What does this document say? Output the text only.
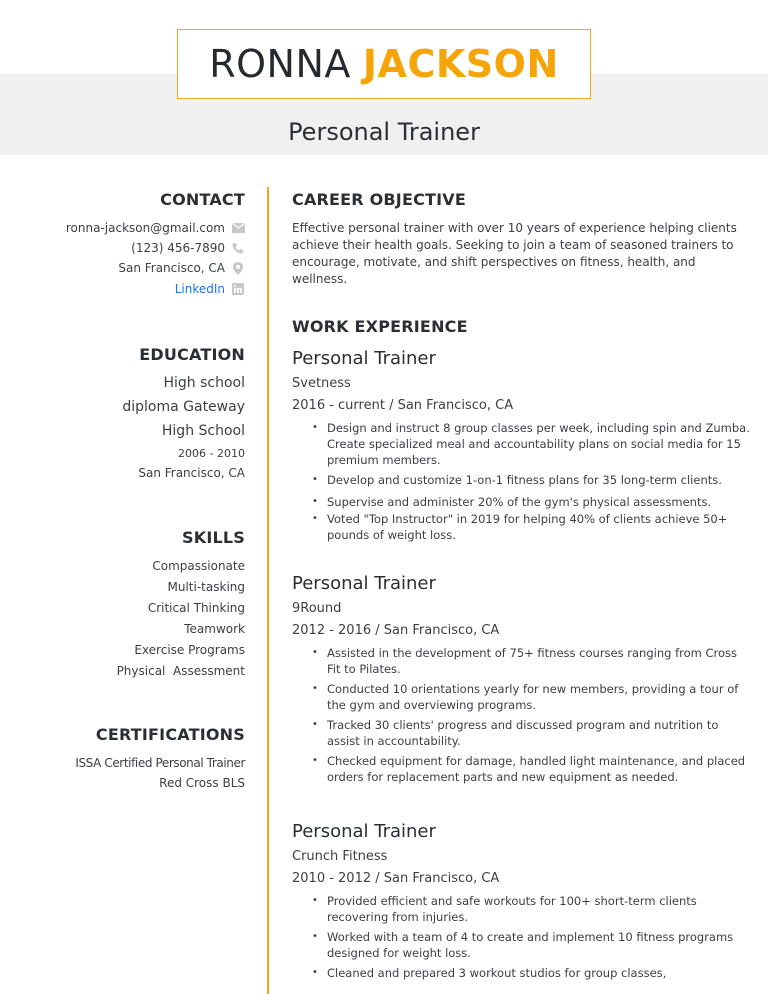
RONNA JACKSON
Personal Trainer
CONTACT
ronna-jackson@gmail.com
(123) 456-7890
San Francisco, CA
LinkedIn
EDUCATION
High school
diploma Gateway
High School
2006 - 2010
San Francisco, CA
SKILLS
Compassionate
Multi-tasking
Critical Thinking
Teamwork
Exercise Programs
Physical  Assessment
CERTIFICATIONS
ISSA Certified Personal Trainer
Red Cross BLS
CAREER OBJECTIVE
Effective personal trainer with over 10 years of experience helping clients achieve their health goals. Seeking to join a team of seasoned trainers to encourage, motivate, and shift perspectives on fitness, health, and wellness.
WORK EXPERIENCE
Personal Trainer
Svetness
2016 - current / San Francisco, CA
• Design and instruct 8 group classes per week, including spin and Zumba. Create specialized meal and accountability plans on social media for 15 premium members.
• Develop and customize 1-on-1 fitness plans for 35 long-term clients.
• Supervise and administer 20% of the gym's physical assessments.
• Voted "Top Instructor" in 2019 for helping 40% of clients achieve 50+ pounds of weight loss.
Personal Trainer
9Round
2012 - 2016 / San Francisco, CA
• Assisted in the development of 75+ fitness courses ranging from Cross Fit to Pilates.
• Conducted 10 orientations yearly for new members, providing a tour of the gym and overviewing programs.
• Tracked 30 clients' progress and discussed program and nutrition to assist in accountability.
• Checked equipment for damage, handled light maintenance, and placed orders for replacement parts and new equipment as needed.
Personal Trainer
Crunch Fitness
2010 - 2012 / San Francisco, CA
• Provided efficient and safe workouts for 100+ short-term clients recovering from injuries.
• Worked with a team of 4 to create and implement 10 fitness programs designed for weight loss.
• Cleaned and prepared 3 workout studios for group classes,
